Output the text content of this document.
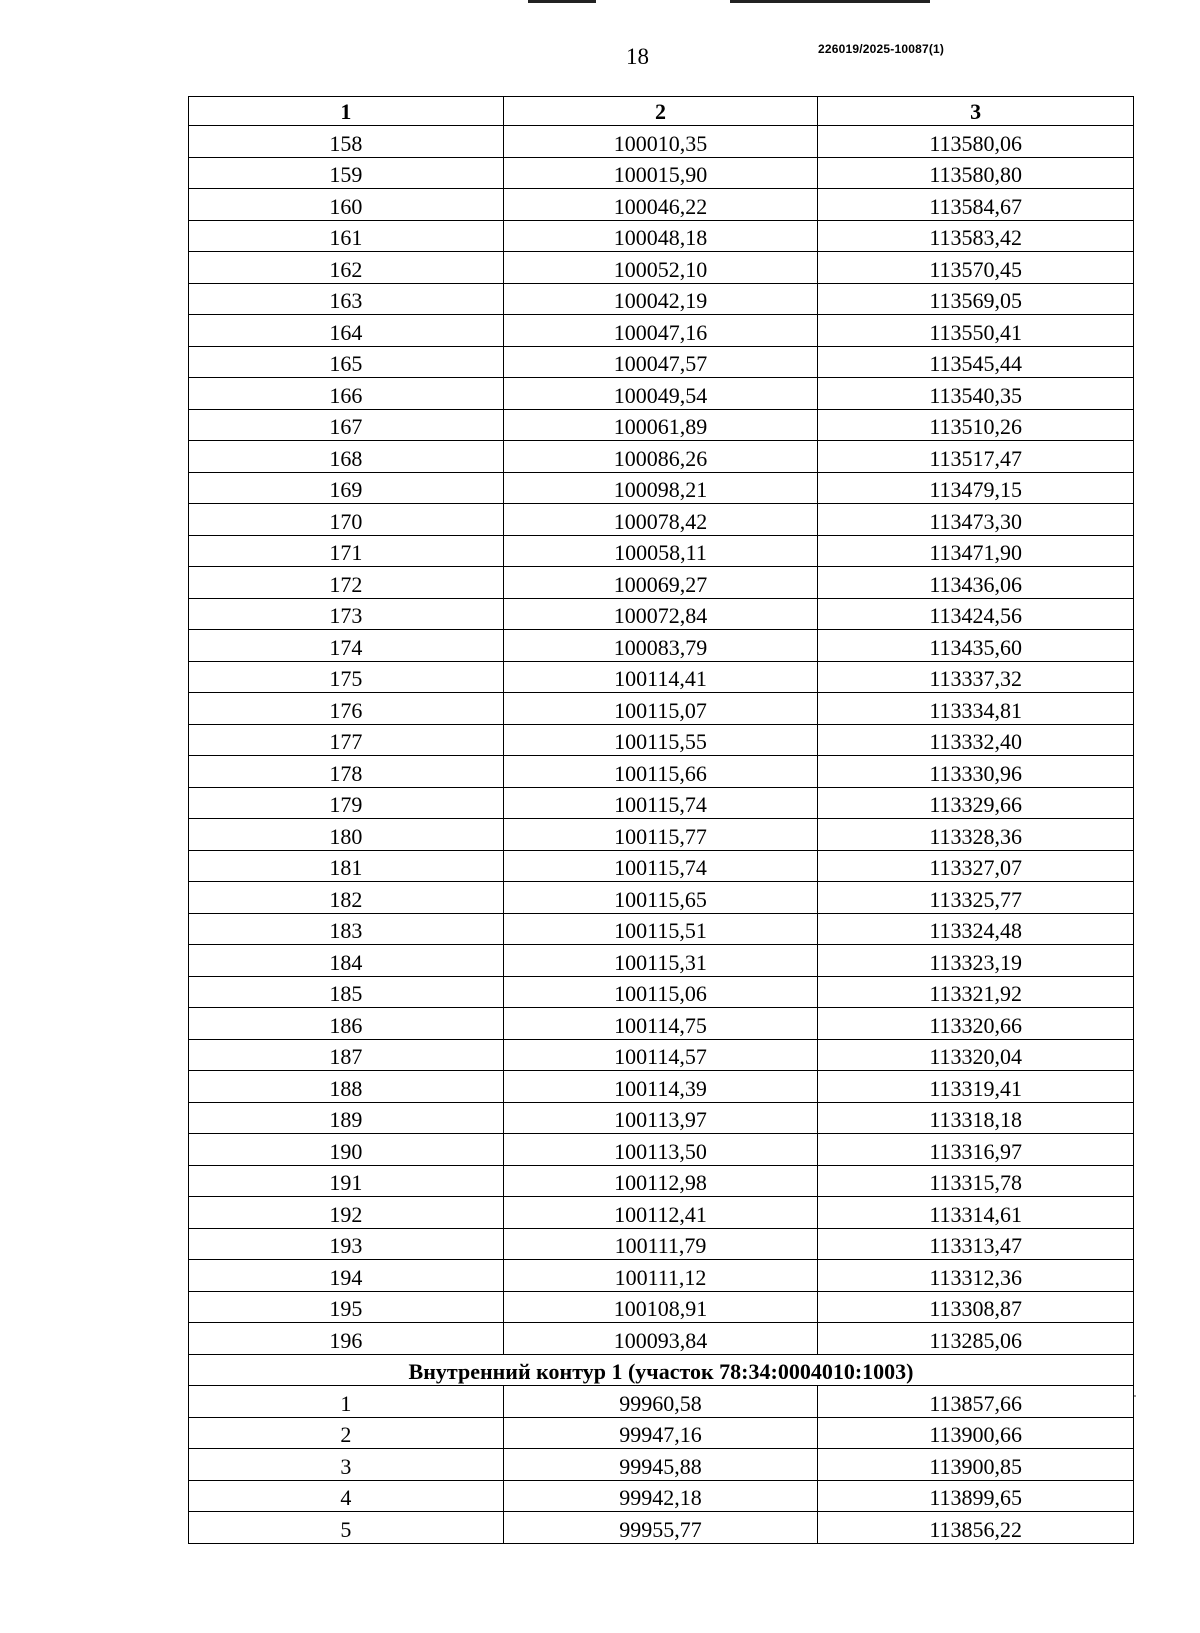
18	226019/2025-10087(1)
1	2	3
158	100010,35	113580,06
159	100015,90	113580,80
160	100046,22	113584,67
161	100048,18	113583,42
162	100052,10	113570,45
163	100042,19	113569,05
164	100047,16	113550,41
165	100047,57	113545,44
166	100049,54	113540,35
167	100061,89	113510,26
168	100086,26	113517,47
169	100098,21	113479,15
170	100078,42	113473,30
171	100058,11	113471,90
172	100069,27	113436,06
173	100072,84	113424,56
174	100083,79	113435,60
175	100114,41	113337,32
176	100115,07	113334,81
177	100115,55	113332,40
178	100115,66	113330,96
179	100115,74	113329,66
180	100115,77	113328,36
181	100115,74	113327,07
182	100115,65	113325,77
183	100115,51	113324,48
184	100115,31	113323,19
185	100115,06	113321,92
186	100114,75	113320,66
187	100114,57	113320,04
188	100114,39	113319,41
189	100113,97	113318,18
190	100113,50	113316,97
191	100112,98	113315,78
192	100112,41	113314,61
193	100111,79	113313,47
194	100111,12	113312,36
195	100108,91	113308,87
196	100093,84	113285,06
Внутренний контур 1 (участок 78:34:0004010:1003)		
1	99960,58	113857,66
2	99947,16	113900,66
3	99945,88	113900,85
4	99942,18	113899,65
5	99955,77	113856,22
